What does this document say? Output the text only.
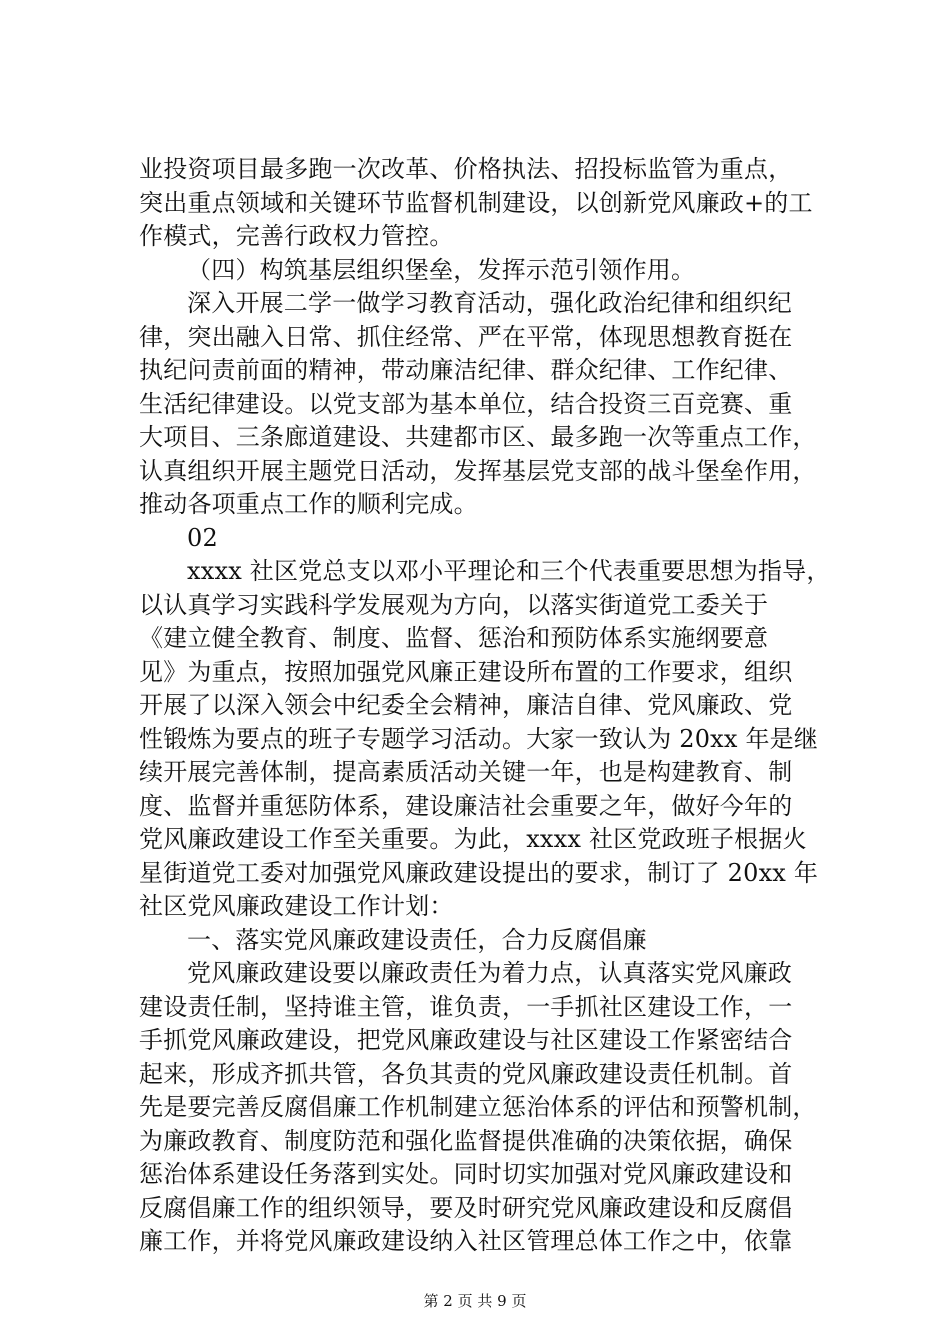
业投资项目最多跑一次改革、价格执法、招投标监管为重点，
突出重点领域和关键环节监督机制建设，以创新党风廉政+的工
作模式，完善行政权力管控。
（四）构筑基层组织堡垒，发挥示范引领作用。
深入开展二学一做学习教育活动，强化政治纪律和组织纪
律，突出融入日常、抓住经常、严在平常，体现思想教育挺在
执纪问责前面的精神，带动廉洁纪律、群众纪律、工作纪律、
生活纪律建设。以党支部为基本单位，结合投资三百竞赛、重
大项目、三条廊道建设、共建都市区、最多跑一次等重点工作，
认真组织开展主题党日活动，发挥基层党支部的战斗堡垒作用，
推动各项重点工作的顺利完成。
02
xxxx 社区党总支以邓小平理论和三个代表重要思想为指导，
以认真学习实践科学发展观为方向，以落实街道党工委关于
《建立健全教育、制度、监督、惩治和预防体系实施纲要意
见》为重点，按照加强党风廉正建设所布置的工作要求，组织
开展了以深入领会中纪委全会精神，廉洁自律、党风廉政、党
性锻炼为要点的班子专题学习活动。大家一致认为 20xx 年是继
续开展完善体制，提高素质活动关键一年，也是构建教育、制
度、监督并重惩防体系，建设廉洁社会重要之年，做好今年的
党风廉政建设工作至关重要。为此，xxxx 社区党政班子根据火
星街道党工委对加强党风廉政建设提出的要求，制订了 20xx 年
社区党风廉政建设工作计划：
一、落实党风廉政建设责任，合力反腐倡廉
党风廉政建设要以廉政责任为着力点，认真落实党风廉政
建设责任制，坚持谁主管，谁负责，一手抓社区建设工作，一
手抓党风廉政建设，把党风廉政建设与社区建设工作紧密结合
起来，形成齐抓共管，各负其责的党风廉政建设责任机制。首
先是要完善反腐倡廉工作机制建立惩治体系的评估和预警机制，
为廉政教育、制度防范和强化监督提供准确的决策依据，确保
惩治体系建设任务落到实处。同时切实加强对党风廉政建设和
反腐倡廉工作的组织领导，要及时研究党风廉政建设和反腐倡
廉工作，并将党风廉政建设纳入社区管理总体工作之中，依靠
第 2 页 共 9 页
